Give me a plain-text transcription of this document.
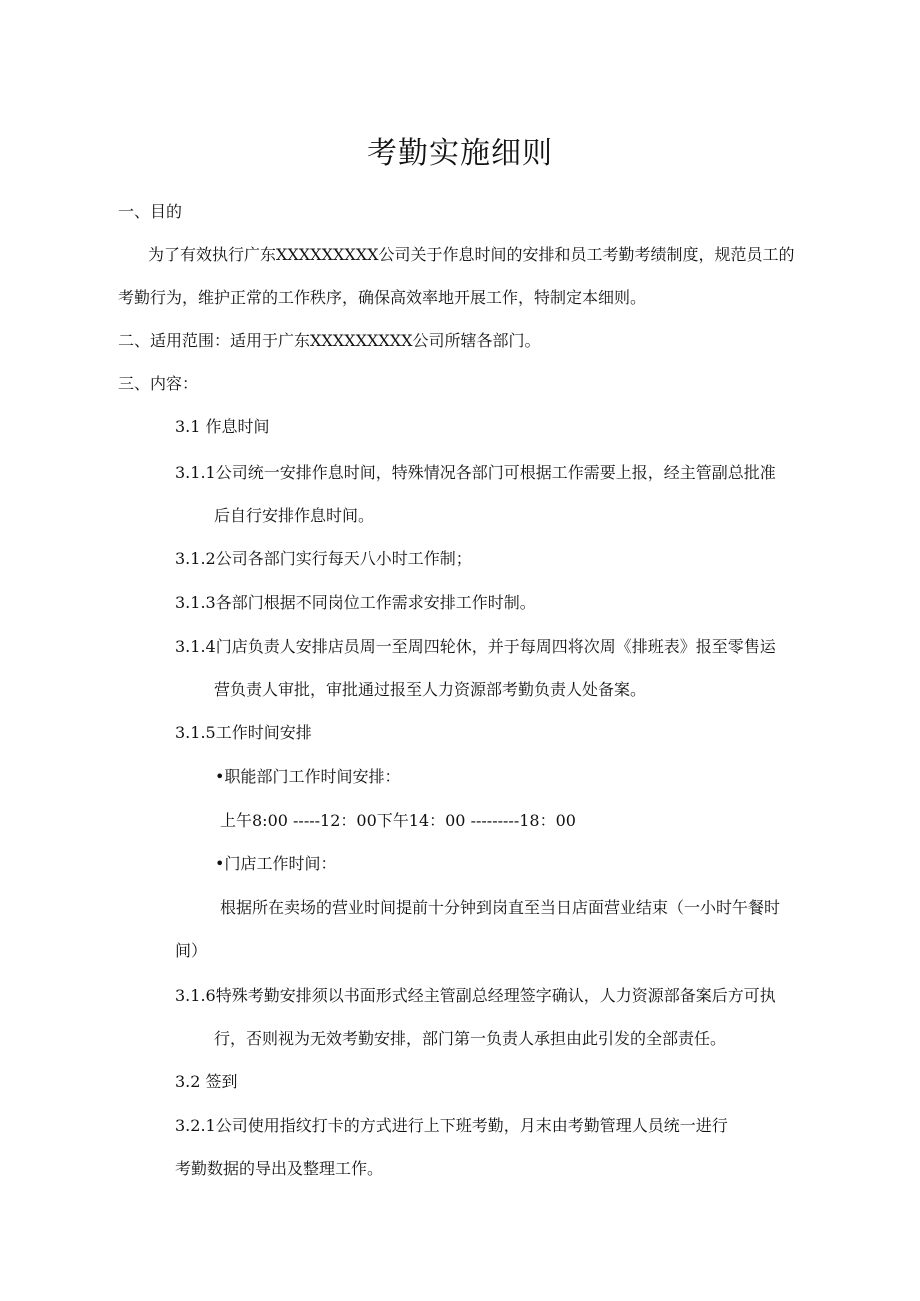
考勤实施细则
一、目的
为了有效执行广东XXXXXXXXX公司关于作息时间的安排和员工考勤考绩制度，规范员工的
考勤行为，维护正常的工作秩序，确保高效率地开展工作，特制定本细则。
二、适用范围：适用于广东XXXXXXXXX公司所辖各部门。
三、内容：
3.1 作息时间
3.1.1公司统一安排作息时间，特殊情况各部门可根据工作需要上报，经主管副总批准
后自行安排作息时间。
3.1.2公司各部门实行每天八小时工作制；
3.1.3各部门根据不同岗位工作需求安排工作时制。
3.1.4门店负责人安排店员周一至周四轮休，并于每周四将次周《排班表》报至零售运
营负责人审批，审批通过报至人力资源部考勤负责人处备案。
3.1.5工作时间安排
•职能部门工作时间安排：
上午8:00 -----12：00下午14：00 ---------18：00
•门店工作时间：
根据所在卖场的营业时间提前十分钟到岗直至当日店面营业结束（一小时午餐时
间）
3.1.6特殊考勤安排须以书面形式经主管副总经理签字确认，人力资源部备案后方可执
行，否则视为无效考勤安排，部门第一负责人承担由此引发的全部责任。
3.2 签到
3.2.1公司使用指纹打卡的方式进行上下班考勤，月末由考勤管理人员统一进行
考勤数据的导出及整理工作。
